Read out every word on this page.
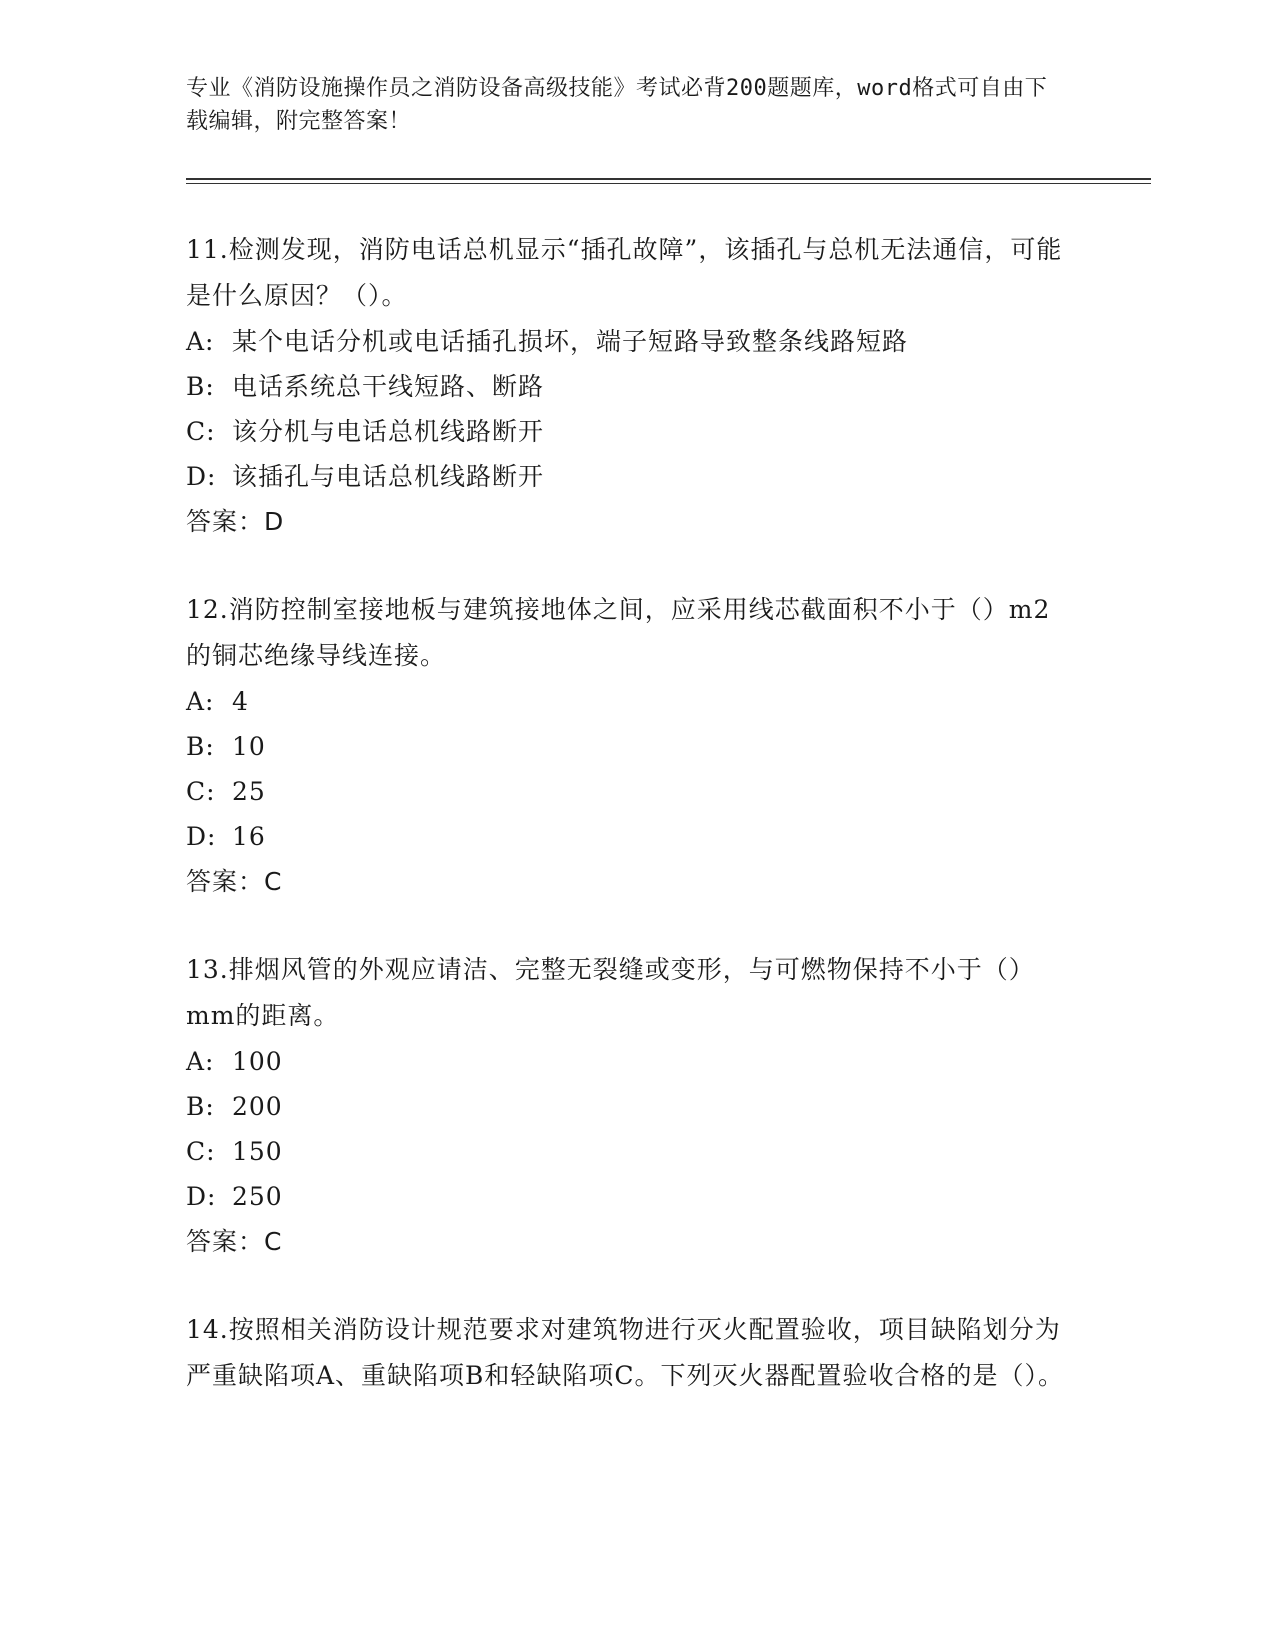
专业《消防设施操作员之消防设备高级技能》考试必背200题题库，word格式可自由下载编辑，附完整答案！
11.检测发现，消防电话总机显示“插孔故障”，该插孔与总机无法通信，可能是什么原因？（）。
A: 某个电话分机或电话插孔损坏，端子短路导致整条线路短路
B: 电话系统总干线短路、断路
C: 该分机与电话总机线路断开
D: 该插孔与电话总机线路断开
答案：D
12.消防控制室接地板与建筑接地体之间，应采用线芯截面积不小于（）m2的铜芯绝缘导线连接。
A: 4
B: 10
C: 25
D: 16
答案：C
13.排烟风管的外观应请洁、完整无裂缝或变形，与可燃物保持不小于（）mm的距离。
A: 100
B: 200
C: 150
D: 250
答案：C
14.按照相关消防设计规范要求对建筑物进行灭火配置验收，项目缺陷划分为严重缺陷项A、重缺陷项B和轻缺陷项C。下列灭火器配置验收合格的是（）。
